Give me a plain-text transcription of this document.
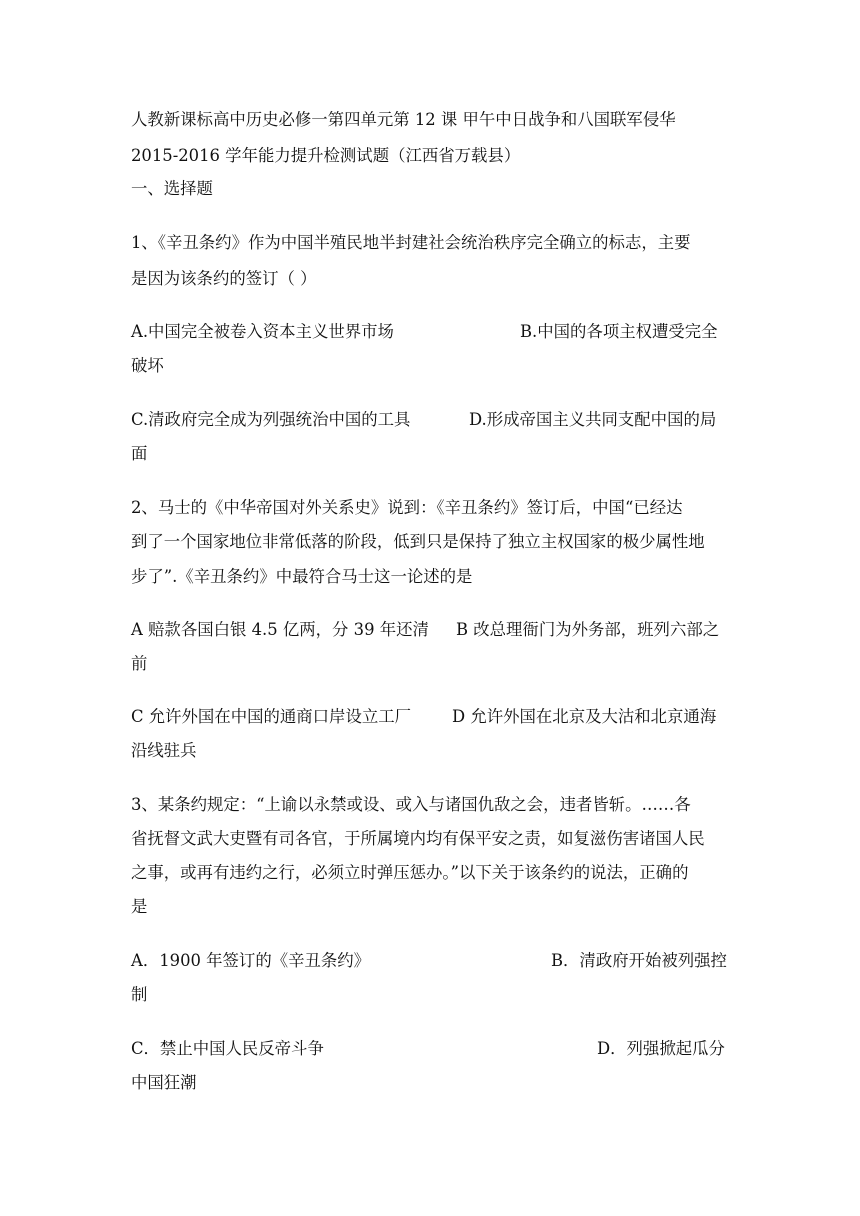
人教新课标高中历史必修一第四单元第 12 课 甲午中日战争和八国联军侵华
2015-2016 学年能力提升检测试题（江西省万载县）
一、选择题
1、《辛丑条约》作为中国半殖民地半封建社会统治秩序完全确立的标志，主要
是因为该条约的签订（ ）
A.中国完全被卷入资本主义世界市场	B.中国的各项主权遭受完全
破坏
C.清政府完全成为列强统治中国的工具	D.形成帝国主义共同支配中国的局
面
2、马士的《中华帝国对外关系史》说到：《辛丑条约》签订后，中国“已经达
到了一个国家地位非常低落的阶段，低到只是保持了独立主权国家的极少属性地
步了”.《辛丑条约》中最符合马士这一论述的是
A 赔款各国白银 4.5 亿两，分 39 年还清	B 改总理衙门为外务部，班列六部之
前
C 允许外国在中国的通商口岸设立工厂	D 允许外国在北京及大沽和北京通海
沿线驻兵
3、某条约规定：“上谕以永禁或设、或入与诸国仇敌之会，违者皆斩。……各
省抚督文武大吏暨有司各官，于所属境内均有保平安之责，如复滋伤害诸国人民
之事，或再有违约之行，必须立时弹压惩办。”以下关于该条约的说法，正确的
是
A．1900 年签订的《辛丑条约》	B．清政府开始被列强控
制
C．禁止中国人民反帝斗争	D．列强掀起瓜分
中国狂潮
